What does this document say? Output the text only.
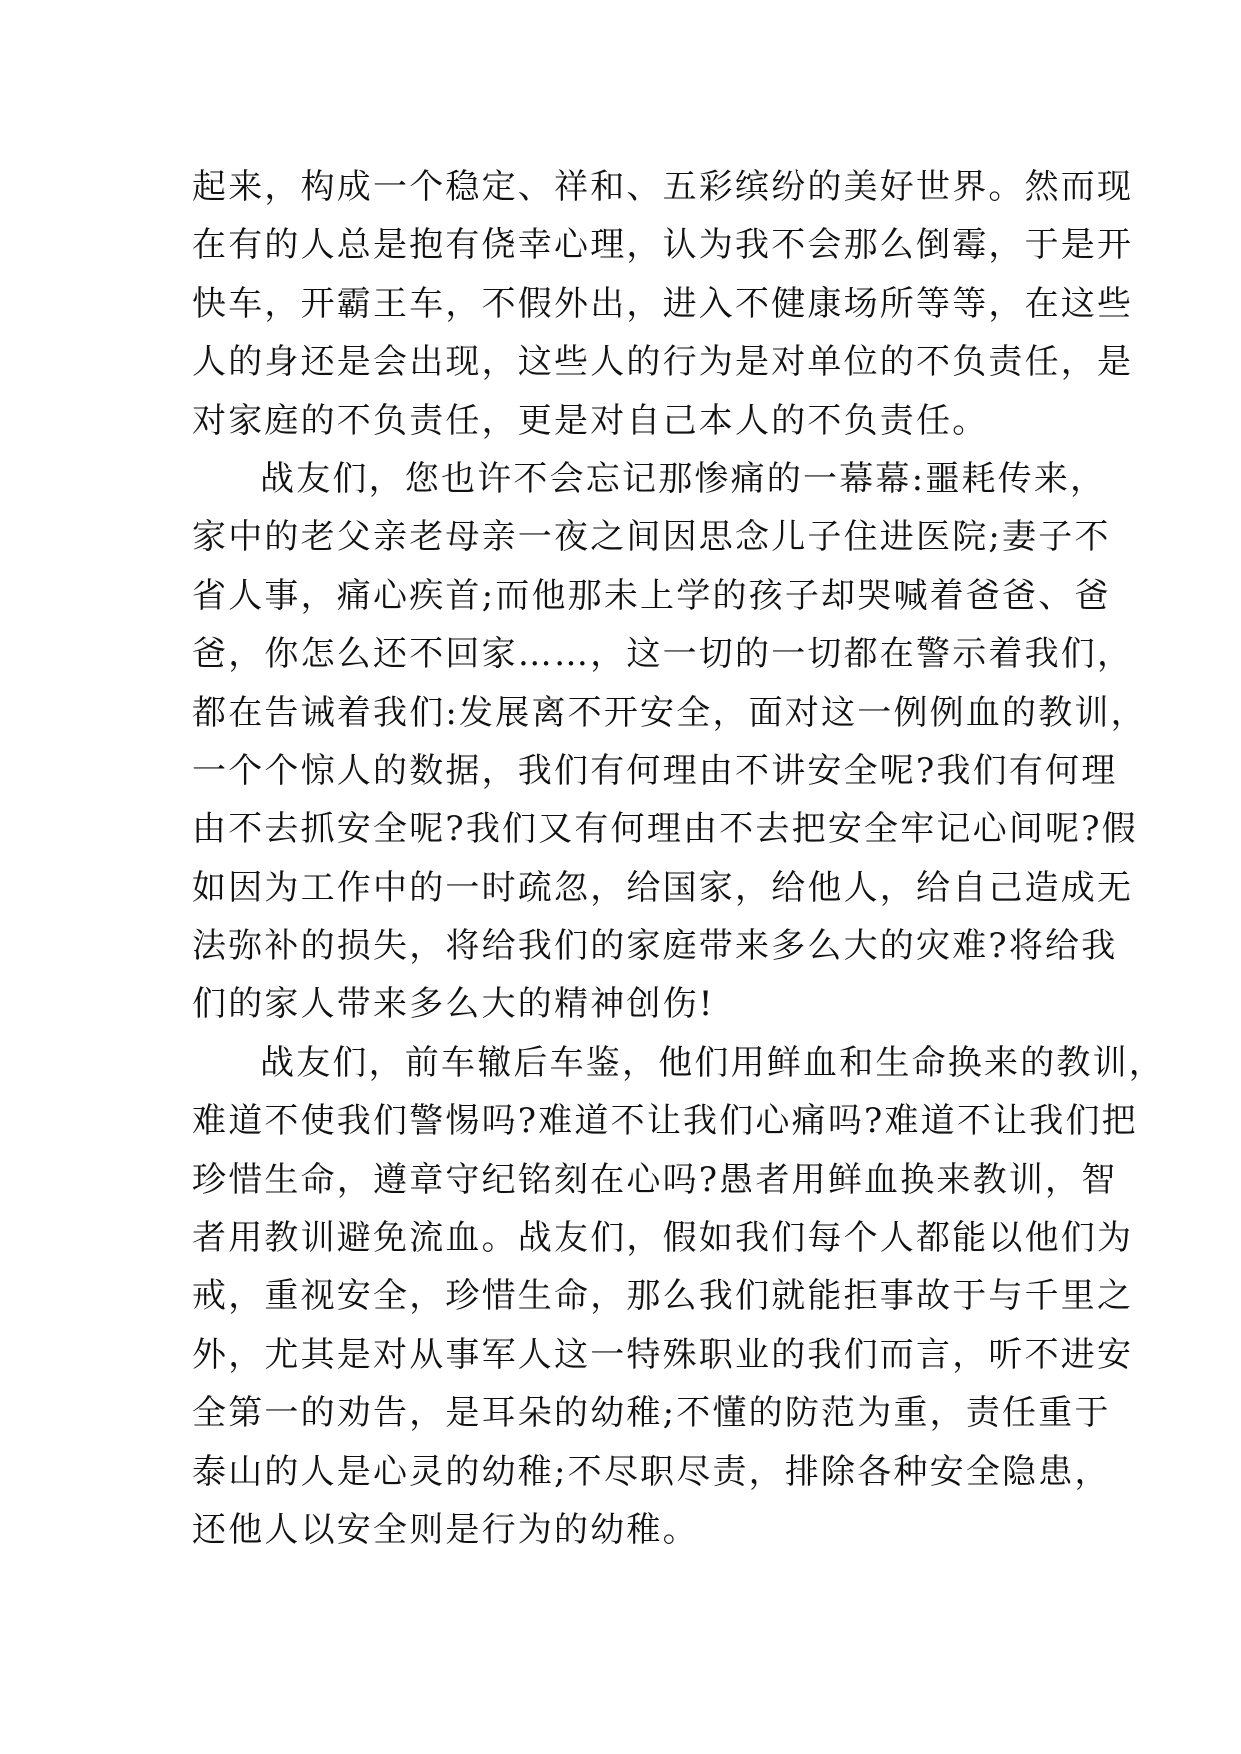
起来，构成一个稳定、祥和、五彩缤纷的美好世界。然而现
在有的人总是抱有侥幸心理，认为我不会那么倒霉，于是开
快车，开霸王车，不假外出，进入不健康场所等等，在这些
人的身还是会出现，这些人的行为是对单位的不负责任，是
对家庭的不负责任，更是对自己本人的不负责任。
战友们，您也许不会忘记那惨痛的一幕幕:噩耗传来，
家中的老父亲老母亲一夜之间因思念儿子住进医院;妻子不
省人事，痛心疾首;而他那未上学的孩子却哭喊着爸爸、爸
爸，你怎么还不回家……，这一切的一切都在警示着我们，
都在告诫着我们:发展离不开安全，面对这一例例血的教训，
一个个惊人的数据，我们有何理由不讲安全呢?我们有何理
由不去抓安全呢?我们又有何理由不去把安全牢记心间呢?假
如因为工作中的一时疏忽，给国家，给他人，给自己造成无
法弥补的损失，将给我们的家庭带来多么大的灾难?将给我
们的家人带来多么大的精神创伤!
战友们，前车辙后车鉴，他们用鲜血和生命换来的教训，
难道不使我们警惕吗?难道不让我们心痛吗?难道不让我们把
珍惜生命，遵章守纪铭刻在心吗?愚者用鲜血换来教训，智
者用教训避免流血。战友们，假如我们每个人都能以他们为
戒，重视安全，珍惜生命，那么我们就能拒事故于与千里之
外，尤其是对从事军人这一特殊职业的我们而言，听不进安
全第一的劝告，是耳朵的幼稚;不懂的防范为重，责任重于
泰山的人是心灵的幼稚;不尽职尽责，排除各种安全隐患，
还他人以安全则是行为的幼稚。
